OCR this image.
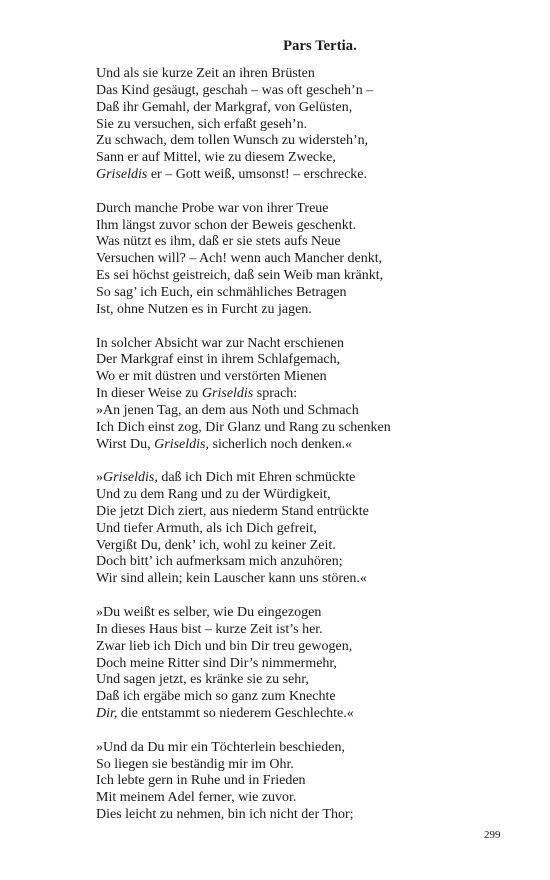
Pars Tertia.
Und als sie kurze Zeit an ihren Brüsten
Das Kind gesäugt, geschah – was oft gescheh’n –
Daß ihr Gemahl, der Markgraf, von Gelüsten,
Sie zu versuchen, sich erfaßt geseh’n.
Zu schwach, dem tollen Wunsch zu widersteh’n,
Sann er auf Mittel, wie zu diesem Zwecke,
Griseldis er – Gott weiß, umsonst! – erschrecke.
Durch manche Probe war von ihrer Treue
Ihm längst zuvor schon der Beweis geschenkt.
Was nützt es ihm, daß er sie stets aufs Neue
Versuchen will? – Ach! wenn auch Mancher denkt,
Es sei höchst geistreich, daß sein Weib man kränkt,
So sag’ ich Euch, ein schmähliches Betragen
Ist, ohne Nutzen es in Furcht zu jagen.
In solcher Absicht war zur Nacht erschienen
Der Markgraf einst in ihrem Schlafgemach,
Wo er mit düstren und verstörten Mienen
In dieser Weise zu Griseldis sprach:
»An jenen Tag, an dem aus Noth und Schmach
Ich Dich einst zog, Dir Glanz und Rang zu schenken
Wirst Du, Griseldis, sicherlich noch denken.«
»Griseldis, daß ich Dich mit Ehren schmückte
Und zu dem Rang und zu der Würdigkeit,
Die jetzt Dich ziert, aus niederm Stand entrückte
Und tiefer Armuth, als ich Dich gefreit,
Vergißt Du, denk’ ich, wohl zu keiner Zeit.
Doch bitt’ ich aufmerksam mich anzuhören;
Wir sind allein; kein Lauscher kann uns stören.«
»Du weißt es selber, wie Du eingezogen
In dieses Haus bist – kurze Zeit ist’s her.
Zwar lieb ich Dich und bin Dir treu gewogen,
Doch meine Ritter sind Dir’s nimmermehr,
Und sagen jetzt, es kränke sie zu sehr,
Daß ich ergäbe mich so ganz zum Knechte
Dir, die entstammt so niederem Geschlechte.«
»Und da Du mir ein Töchterlein beschieden,
So liegen sie beständig mir im Ohr.
Ich lebte gern in Ruhe und in Frieden
Mit meinem Adel ferner, wie zuvor.
Dies leicht zu nehmen, bin ich nicht der Thor;
299
